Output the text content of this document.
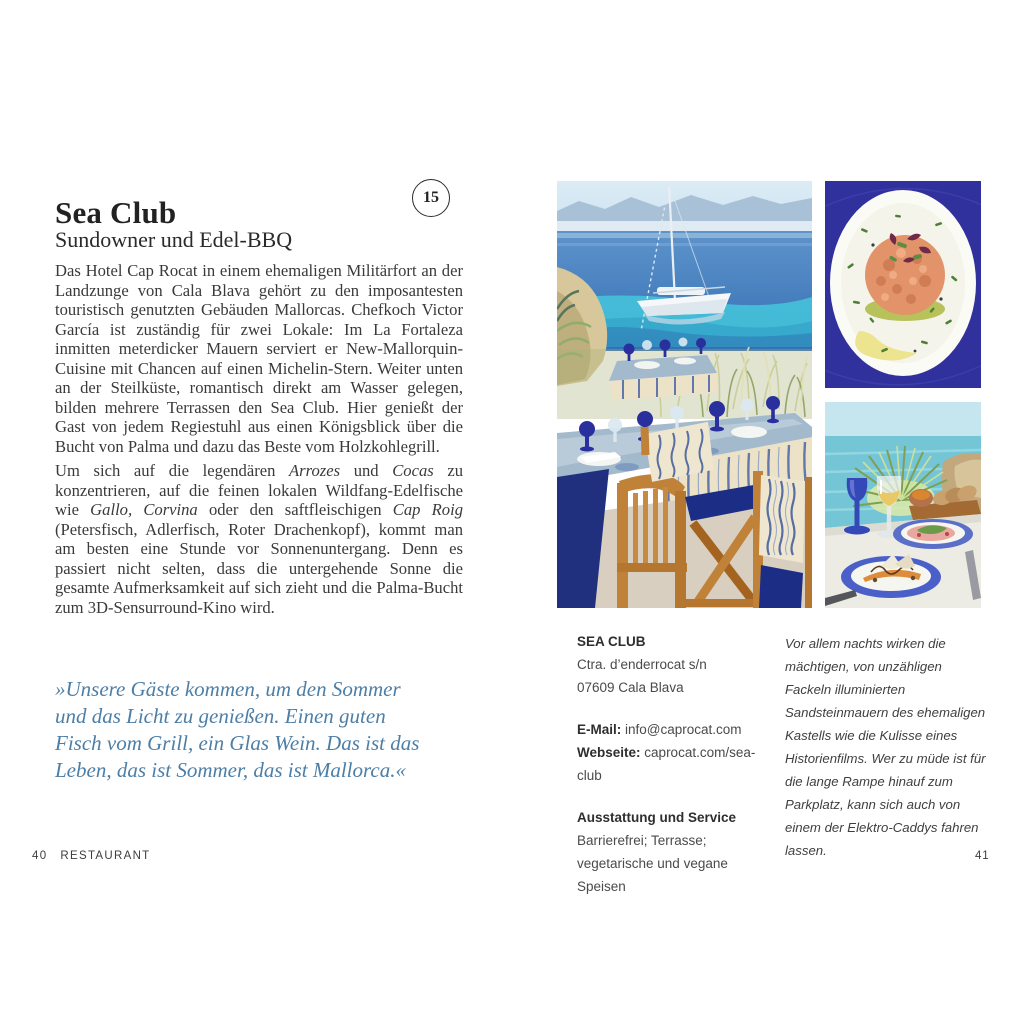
Sea Club
Sundowner und Edel-BBQ
15

Das Hotel Cap Rocat in einem ehemaligen Militärfort an der Landzunge von Cala Blava gehört zu den imposantesten touristisch genutzten Gebäuden Mallorcas. Chefkoch Victor García ist zuständig für zwei Lokale: Im La Fortaleza inmitten meterdicker Mauern serviert er New-Mallorquin-Cuisine mit Chancen auf einen Michelin-Stern. Weiter unten an der Steilküste, romantisch direkt am Wasser gelegen, bilden mehrere Terrassen den Sea Club. Hier genießt der Gast von jedem Regiestuhl aus einen Königsblick über die Bucht von Palma und dazu das Beste vom Holzkohlegrill.

Um sich auf die legendären Arrozes und Cocas zu konzentrieren, auf die feinen lokalen Wildfang-Edelfische wie Gallo, Corvina oder den saftfleischigen Cap Roig (Petersfisch, Adlerfisch, Roter Drachenkopf), kommt man am besten eine Stunde vor Sonnenuntergang. Denn es passiert nicht selten, dass die untergehende Sonne die gesamte Aufmerksamkeit auf sich zieht und die Palma-Bucht zum 3D-Sensurround-Kino wird.

»Unsere Gäste kommen, um den Sommer und das Licht zu genießen. Einen guten Fisch vom Grill, ein Glas Wein. Das ist das Leben, das ist Sommer, das ist Mallorca.«
40 RESTAURANT
SEA CLUB
Ctra. d’enderrocat s/n
07609 Cala Blava
E-Mail: info@caprocat.com
Webseite: caprocat.com/sea-club
Ausstattung und Service
Barrierefrei; Terrasse; vegetarische und vegane Speisen

Vor allem nachts wirken die mächtigen, von unzähligen Fackeln illuminierten Sandsteinmauern des ehemaligen Kastells wie die Kulisse eines Historienfilms. Wer zu müde ist für die lange Rampe hinauf zum Parkplatz, kann sich auch von einem der Elektro-Caddys fahren lassen.	41
